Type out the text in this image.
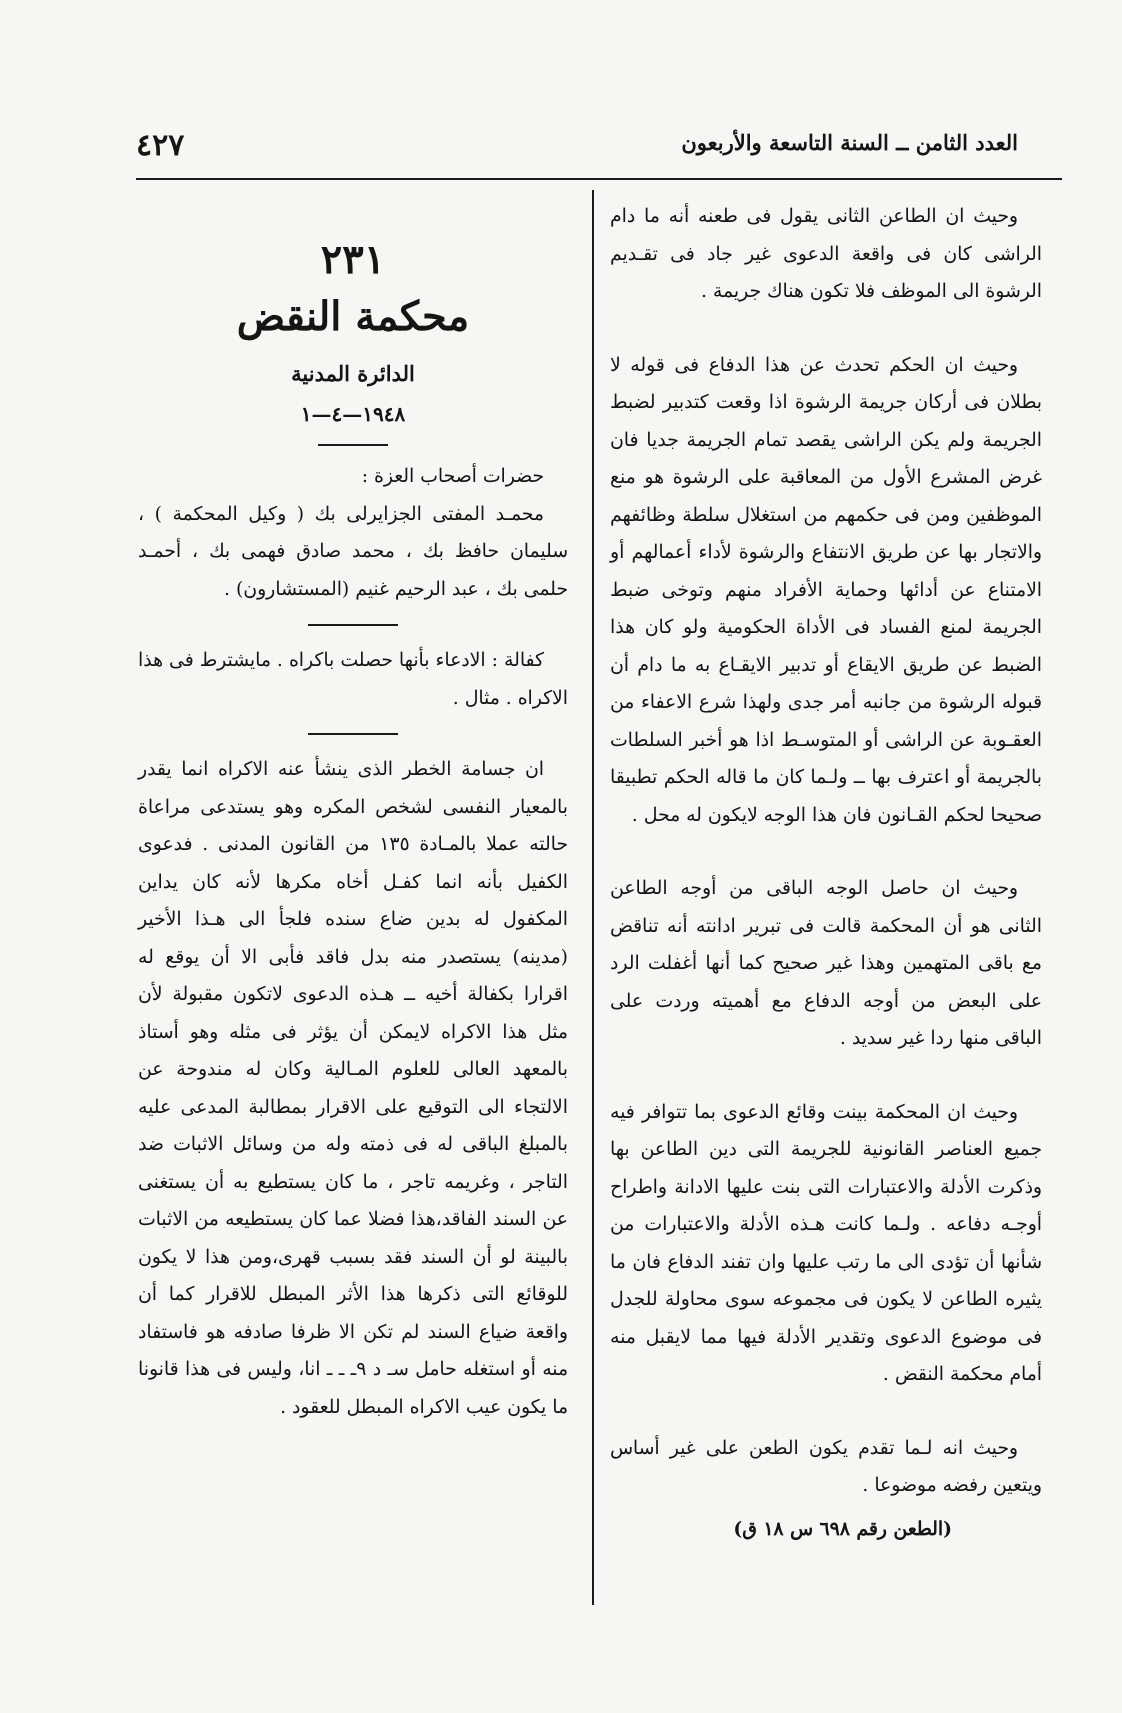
العدد الثامن ــ السنة التاسعة والأربعون
٤٢٧

وحيث ان الطاعن الثانى يقول فى طعنه أنه ما دام الراشى كان فى واقعة الدعوى غير جاد فى تقـديم الرشوة الى الموظف فلا تكون هناك جريمة .

وحيث ان الحكم تحدث عن هذا الدفاع فى قوله لا بطلان فى أركان جريمة الرشوة اذا وقعت كتدبير لضبط الجريمة ولم يكن الراشى يقصد تمام الجريمة جديا فان غرض المشرع الأول من المعاقبة على الرشوة هو منع الموظفين ومن فى حكمهم من استغلال سلطة وظائفهم والاتجار بها عن طريق الانتفاع والرشوة لأداء أعمالهم أو الامتناع عن أدائها وحماية الأفراد منهم وتوخى ضبط الجريمة لمنع الفساد فى الأداة الحكومية ولو كان هذا الضبط عن طريق الايقاع أو تدبير الايقـاع به ما دام أن قبوله الرشوة من جانبه أمر جدى ولهذا شرع الاعفاء من العقـوبة عن الراشى أو المتوسـط اذا هو أخبر السلطات بالجريمة أو اعترف بها ــ ولـما كان ما قاله الحكم تطبيقا صحيحا لحكم القـانون فان هذا الوجه لايكون له محل .

وحيث ان حاصل الوجه الباقى من أوجه الطاعن الثانى هو أن المحكمة قالت فى تبرير ادانته أنه تناقض مع باقى المتهمين وهذا غير صحيح كما أنها أغفلت الرد على البعض من أوجه الدفاع مع أهميته وردت على الباقى منها ردا غير سديد .

وحيث ان المحكمة بينت وقائع الدعوى بما تتوافر فيه جميع العناصر القانونية للجريمة التى دين الطاعن بها وذكرت الأدلة والاعتبارات التى بنت عليها الادانة واطراح أوجـه دفاعه . ولـما كانت هـذه الأدلة والاعتبارات من شأنها أن تؤدى الى ما رتب عليها وان تفند الدفاع فان ما يثيره الطاعن لا يكون فى مجموعه سوى محاولة للجدل فى موضوع الدعوى وتقدير الأدلة فيها مما لايقبل منه أمام محكمة النقض .

وحيث انه لـما تقدم يكون الطعن على غير أساس ويتعين رفضه موضوعا .

(الطعن رقم ٦٩٨ س ١٨ ق)

٢٣١
محكمة النقض
الدائرة المدنية
١٩٤٨—٤—١

حضرات أصحاب العزة :

محمـد المفتى الجزايرلى بك ( وكيل المحكمة ) ، سليمان حافظ بك ، محمد صادق فهمى بك ، أحمـد حلمى بك ، عبد الرحيم غنيم (المستشارون) .

كفالة : الادعاء بأنها حصلت باكراه . مايشترط فى هذا الاكراه . مثال .

ان جسامة الخطر الذى ينشأ عنه الاكراه انما يقدر بالمعيار النفسى لشخص المكره وهو يستدعى مراعاة حالته عملا بالمـادة ١٣٥ من القانون المدنى . فدعوى الكفيل بأنه انما كفـل أخاه مكرها لأنه كان يداين المكفول له بدين ضاع سنده فلجأ الى هـذا الأخير (مدينه) يستصدر منه بدل فاقد فأبى الا أن يوقع له اقرارا بكفالة أخيه ــ هـذه الدعوى لاتكون مقبولة لأن مثل هذا الاكراه لايمكن أن يؤثر فى مثله وهو أستاذ بالمعهد العالى للعلوم المـالية وكان له مندوحة عن الالتجاء الى التوقيع على الاقرار بمطالبة المدعى عليه بالمبلغ الباقى له فى ذمته وله من وسائل الاثبات ضد التاجر ، وغريمه تاجر ، ما كان يستطيع به أن يستغنى عن السند الفاقد،هذا فضلا عما كان يستطيعه من الاثبات بالبينة لو أن السند فقد بسبب قهرى،ومن هذا لا يكون للوقائع التى ذكرها هذا الأثر المبطل للاقرار كما أن واقعة ضياع السند لم تكن الا ظرفا صادفه هو فاستفاد منه أو استغله حامل سـ د ٩ـ ـ ـ انا، وليس فى هذا قانونا ما يكون عيب الاكراه المبطل للعقود .
